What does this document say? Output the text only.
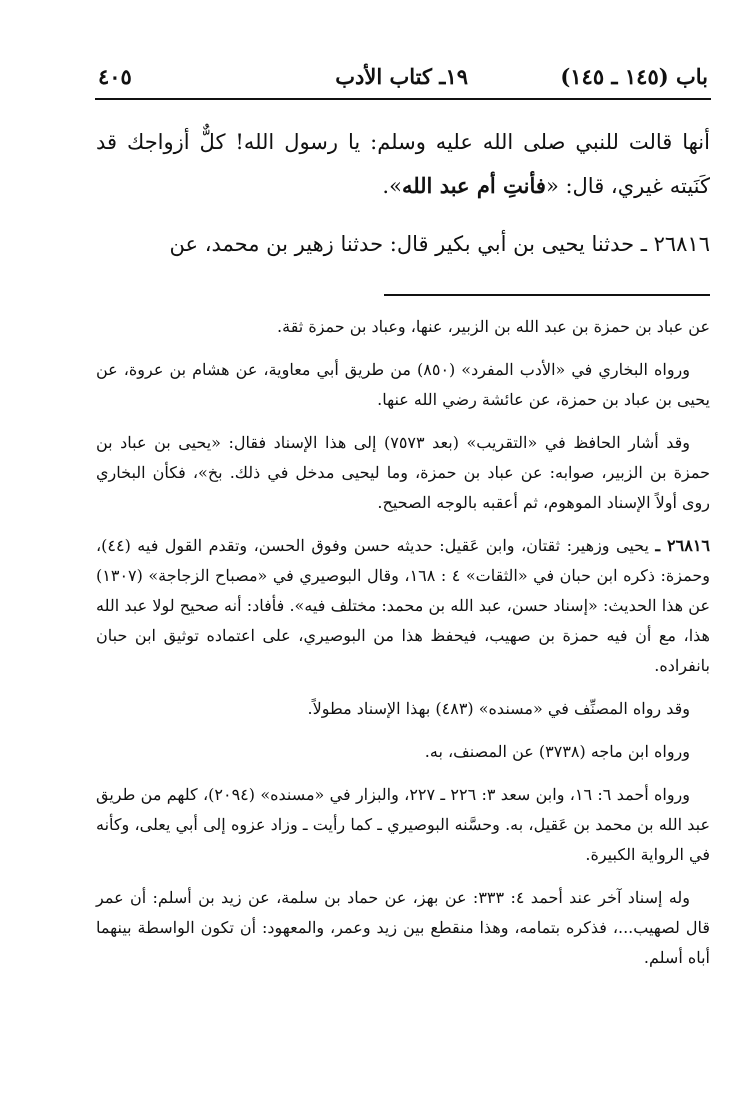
باب (١٤٥ ـ ١٤٥)
١٩ـ كتاب الأدب
٤٠٥

أنها قالت للنبي صلى الله عليه وسلم: يا رسول الله! كلٌّ أزواجك قد كَنَيته غيري، قال: «فأنتِ أم عبد الله».

٢٦٨١٦ ـ حدثنا يحيى بن أبي بكير قال: حدثنا زهير بن محمد، عن

عن عباد بن حمزة بن عبد الله بن الزبير، عنها، وعباد بن حمزة ثقة.

ورواه البخاري في «الأدب المفرد» (٨٥٠) من طريق أبي معاوية، عن هشام بن عروة، عن يحيى بن عباد بن حمزة، عن عائشة رضي الله عنها.

وقد أشار الحافظ في «التقريب» (بعد ٧٥٧٣) إلى هذا الإسناد فقال: «يحيى بن عباد بن حمزة بن الزبير، صوابه: عن عباد بن حمزة، وما ليحيى مدخل في ذلك. بخ»، فكأن البخاري روى أولاً الإسناد الموهوم، ثم أعقبه بالوجه الصحيح.

٢٦٨١٦ ـ يحيى وزهير: ثقتان، وابن عَقيل: حديثه حسن وفوق الحسن، وتقدم القول فيه (٤٤)، وحمزة: ذكره ابن حبان في «الثقات» ٤ : ١٦٨، وقال البوصيري في «مصباح الزجاجة» (١٣٠٧) عن هذا الحديث: «إسناد حسن، عبد الله بن محمد: مختلف فيه». فأفاد: أنه صحيح لولا عبد الله هذا، مع أن فيه حمزة بن صهيب، فيحفظ هذا من البوصيري، على اعتماده توثيق ابن حبان بانفراده.

وقد رواه المصنِّف في «مسنده» (٤٨٣) بهذا الإسناد مطولاً.

ورواه ابن ماجه (٣٧٣٨) عن المصنف، به.

ورواه أحمد ٦: ١٦، وابن سعد ٣: ٢٢٦ ـ ٢٢٧، والبزار في «مسنده» (٢٠٩٤)، كلهم من طريق عبد الله بن محمد بن عَقيل، به. وحسَّنه البوصيري ـ كما رأيت ـ وزاد عزوه إلى أبي يعلى، وكأنه في الرواية الكبيرة.

وله إسناد آخر عند أحمد ٤: ٣٣٣: عن بهز، عن حماد بن سلمة، عن زيد بن أسلم: أن عمر قال لصهيب...، فذكره بتمامه، وهذا منقطع بين زيد وعمر، والمعهود: أن تكون الواسطة بينهما أباه أسلم.
